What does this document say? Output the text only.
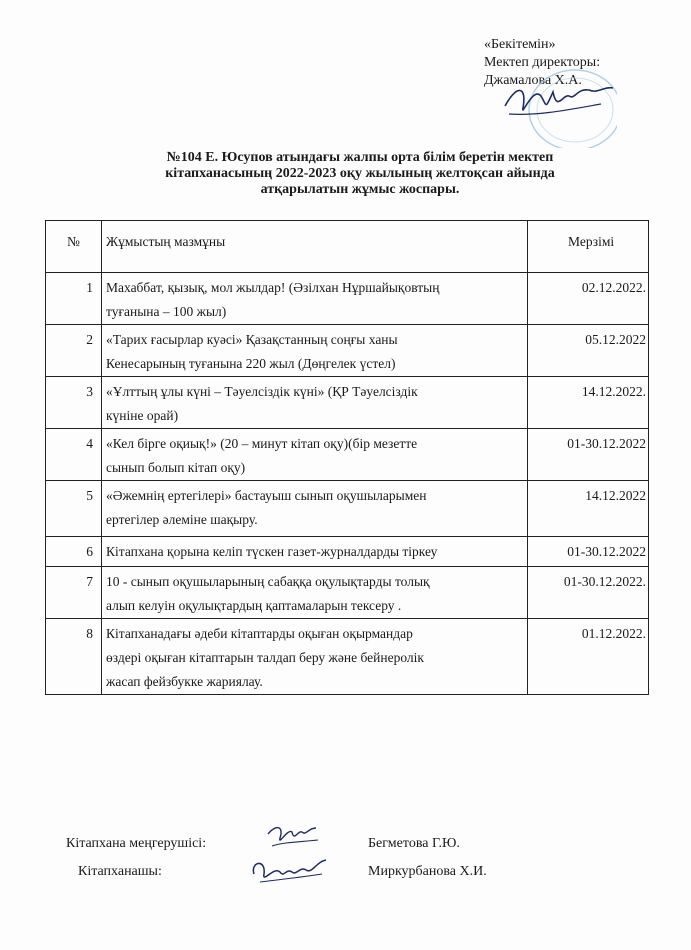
«Бекітемін»
Мектеп директоры:
Джамалова Х.А.
№104 Е. Юсупов атындағы жалпы орта білім беретін мектеп
кітапханасының 2022-2023 оқу жылының желтоқсан айында
атқарылатын жұмыс жоспары.
№	Жұмыстың мазмұны	Мерзімі
1	Махаббат, қызық, мол жылдар! (Әзілхан Нұршайықовтың
туғанына – 100 жыл)	02.12.2022.
2	«Тарих ғасырлар куәсі» Қазақстанның соңғы ханы
Кенесарының туғанына 220 жыл (Дөңгелек үстел)	05.12.2022
3	«Ұлттың ұлы күні – Тәуелсіздік күні» (ҚР Тәуелсіздік
күніне орай)	14.12.2022.
4	«Кел бірге оқиық!» (20 – минут кітап оқу)(бір мезетте
сынып болып кітап оқу)	01-30.12.2022
5	«Әжемнің ертегілері» бастауыш сынып оқушыларымен
ертегілер әлеміне шақыру.	14.12.2022
6	Кітапхана қорына келіп түскен газет-журналдарды тіркеу	01-30.12.2022
7	10 - сынып оқушыларының сабаққа оқулықтарды толық
алып келуін оқулықтардың қаптамаларын тексеру .	01-30.12.2022.
8	Кітапханадағы әдеби кітаптарды оқыған оқырмандар
өздері оқыған кітаптарын талдап беру және бейнеролік
жасап фейзбукке жариялау.	01.12.2022.
Кітапхана меңгерушісі:	Бегметова Г.Ю.
Кітапханашы:	Миркурбанова Х.И.
